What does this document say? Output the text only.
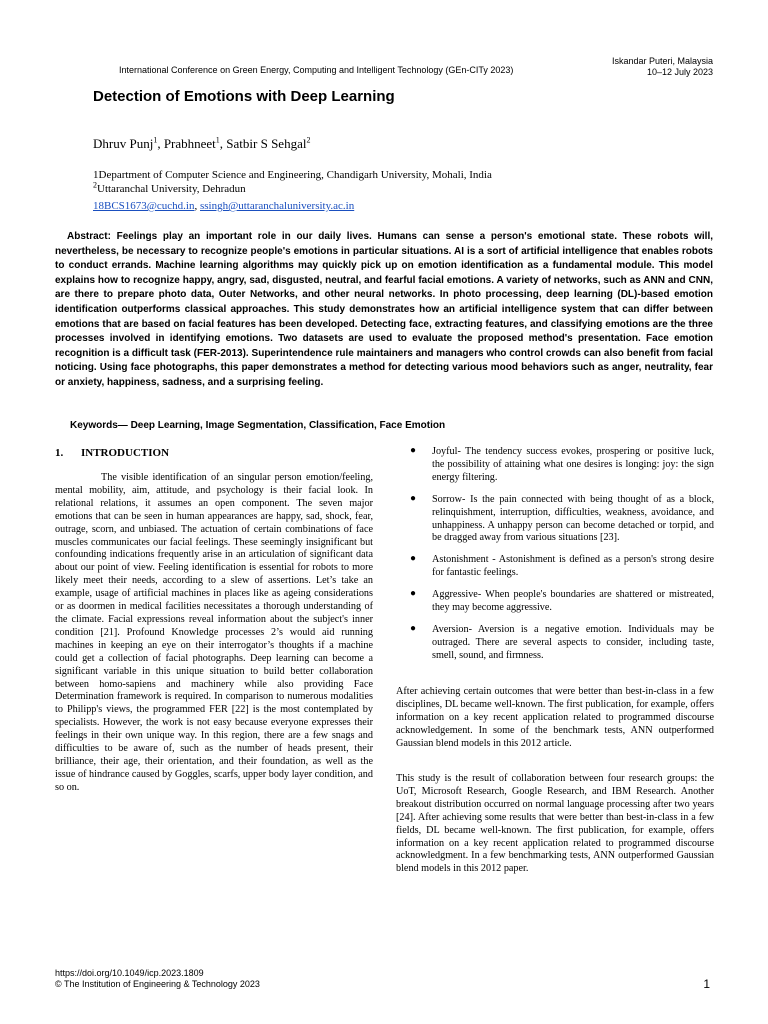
International Conference on Green Energy, Computing and Intelligent Technology (GEn-CITy 2023)
Iskandar Puteri, Malaysia
10–12 July 2023
Detection of Emotions with Deep Learning
Dhruv Punj$^1$, Prabhneet$^1$, Satbir S Sehgal$^2$
1Department of Computer Science and Engineering, Chandigarh University, Mohali, India
$^2$Uttaranchal University, Dehradun
18BCS1673@cuchd.in, ssingh@uttaranchaluniversity.ac.in
Abstract: Feelings play an important role in our daily lives. Humans can sense a person's emotional state. These robots will, nevertheless, be necessary to recognize people's emotions in particular situations. AI is a sort of artificial intelligence that enables robots to conduct errands. Machine learning algorithms may quickly pick up on emotion identification as a fundamental module. This model explains how to recognize happy, angry, sad, disgusted, neutral, and fearful facial emotions. A variety of networks, such as ANN and CNN, are there to prepare photo data, Outer Networks, and other neural networks. In photo processing, deep learning (DL)-based emotion identification outperforms classical approaches. This study demonstrates how an artificial intelligence system that can differ between emotions that are based on facial features has been developed. Detecting face, extracting features, and classifying emotions are the three processes involved in identifying emotions. Two datasets are used to evaluate the proposed method's presentation. Face emotion recognition is a difficult task (FER-2013). Superintendence rule maintainers and managers who control crowds can also benefit from facial noticing. Using face photographs, this paper demonstrates a method for detecting various mood behaviors such as anger, neutrality, fear or anxiety, happiness, sadness, and a surprising feeling.
Keywords— Deep Learning, Image Segmentation, Classification, Face Emotion
1. INTRODUCTION
The visible identification of an singular person emotion/feeling, mental mobility, aim, attitude, and psychology is their facial look. In relational relations, it assumes an open component. The seven major emotions that can be seen in human appearances are happy, sad, shock, fear, outrage, scorn, and unbiased. The actuation of certain combinations of face muscles communicates our facial feelings. These seemingly insignificant but confounding indications frequently arise in an articulation of significant data about our point of view. Feeling identification is essential for robots to more likely meet their needs, according to a slew of assertions. Let’s take an example, usage of artificial machines in places like as ageing considerations or as doormen in medical facilities necessitates a thorough understanding of the climate. Facial expressions reveal information about the subject's inner condition [21]. Profound Knowledge processes 2’s would aid running machines in keeping an eye on their interrogator’s thoughts if a machine could get a collection of facial photographs. Deep learning can become a significant variable in this unique situation to build better collaboration between homo-sapiens and machinery while also providing Face Determination framework is required. In comparison to numerous modalities to Philipp's views, the programmed FER [22] is the most contemplated by specialists. However, the work is not easy because everyone expresses their feelings in their own unique way. In this region, there are a few snags and difficulties to be aware of, such as the number of heads present, their brilliance, their age, their orientation, and their foundation, as well as the issue of hindrance caused by Goggles, scarfs, upper body layer condition, and so on.
● Joyful- The tendency success evokes, prospering or positive luck, the possibility of attaining what one desires is longing: joy: the sign energy filtering.
● Sorrow- Is the pain connected with being thought of as a block, relinquishment, interruption, difficulties, weakness, avoidance, and unhappiness. A unhappy person can become detached or torpid, and be dragged away from various situations [23].
● Astonishment - Astonishment is defined as a person's strong desire for fantastic feelings.
● Aggressive- When people's boundaries are shattered or mistreated, they may become aggressive.
● Aversion- Aversion is a negative emotion. Individuals may be outraged. There are several aspects to consider, including taste, smell, sound, and firmness.
After achieving certain outcomes that were better than best-in-class in a few disciplines, DL became well-known. The first publication, for example, offers information on a key recent application related to programmed discourse acknowledgement. In some of the benchmark tests, ANN outperformed Gaussian blend models in this 2012 article.
This study is the result of collaboration between four research groups: the UoT, Microsoft Research, Google Research, and IBM Research. Another breakout distribution occurred on normal language processing after two years [24]. After achieving some results that were better than best-in-class in a few fields, DL became well-known. The first publication, for example, offers information on a key recent application related to programmed discourse acknowledgment. In a few benchmarking tests, ANN outperformed Gaussian blend models in this 2012 paper.
https://doi.org/10.1049/icp.2023.1809
© The Institution of Engineering & Technology 2023	1
